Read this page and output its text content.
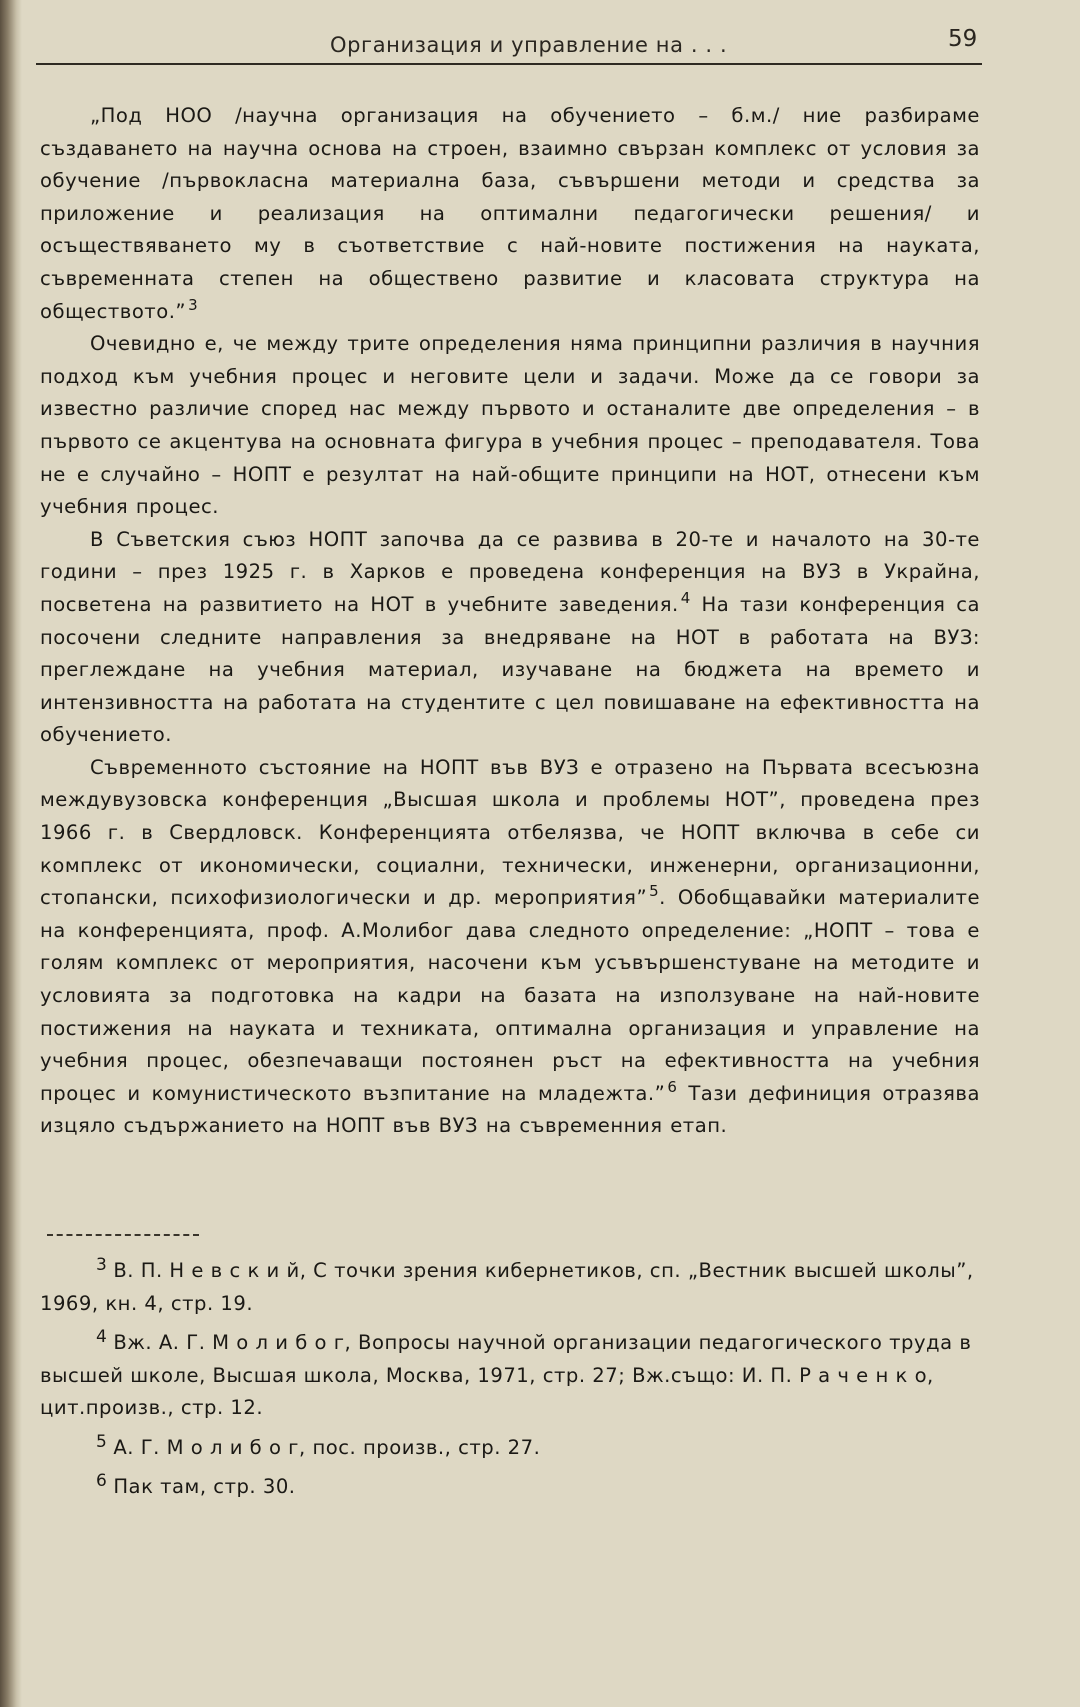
Организация и управление на . . .	59

„Под НОО /научна организация на обучението – б.м./ ние разбираме създаването на научна основа на строен, взаимно свързан комплекс от условия за обучение /първокласна материална база, съвършени методи и средства за приложение и реализация на оптимални педагогически решения/ и осъществяването му в съответствие с най-новите постижения на науката, съвременната степен на обществено развитие и класовата структура на обществото.” $^3$

Очевидно е, че между трите определения няма принципни различия в научния подход към учебния процес и неговите цели и задачи. Може да се говори за известно различие според нас между първото и останалите две определения – в първото се акцентува на основната фигура в учебния процес – преподавателя. Това не е случайно – НОПТ е резултат на най-общите принципи на НОТ, отнесени към учебния процес.

В Съветския съюз НОПТ започва да се развива в 20-те и началото на 30-те години – през 1925 г. в Харков е проведена конференция на ВУЗ в Украйна, посветена на развитието на НОТ в учебните заведения. $^4$ На тази конференция са посочени следните направления за внедряване на НОТ в работата на ВУЗ: преглеждане на учебния материал, изучаване на бюджета на времето и интензивността на работата на студентите с цел повишаване на ефективността на обучението.

Съвременното състояние на НОПТ във ВУЗ е отразено на Първата всесъюзна междувузовска конференция „Высшая школа и проблемы НОТ”, проведена през 1966 г. в Свердловск. Конференцията отбелязва, че НОПТ включва в себе си комплекс от икономически, социални, технически, инженерни, организационни, стопански, психофизиологически и др. мероприятия” $^5$. Обобщавайки материалите на конференцията, проф. А.Молибог дава следното определение: „НОПТ – това е голям комплекс от мероприятия, насочени към усъвършенстуване на методите и условията за подготовка на кадри на базата на използуване на най-новите постижения на науката и техниката, оптимална организация и управление на учебния процес, обезпечаващи постоянен ръст на ефективността на учебния процес и комунистическото възпитание на младежта.” $^6$ Тази дефиниция отразява изцяло съдържанието на НОПТ във ВУЗ на съвременния етап.

3 В. П. Н е в с к и й, С точки зрения кибернетиков, сп. „Вестник высшей школы”, 1969, кн. 4, стр. 19.

4 Вж. А. Г. М о л и б о г, Вопросы научной организации педагогического труда в высшей школе, Высшая школа, Москва, 1971, стр. 27; Вж.също: И. П. Р а ч е н к о, цит.произв., стр. 12.

5 А. Г. М о л и б о г, пос. произв., стр. 27.

6 Пак там, стр. 30.
